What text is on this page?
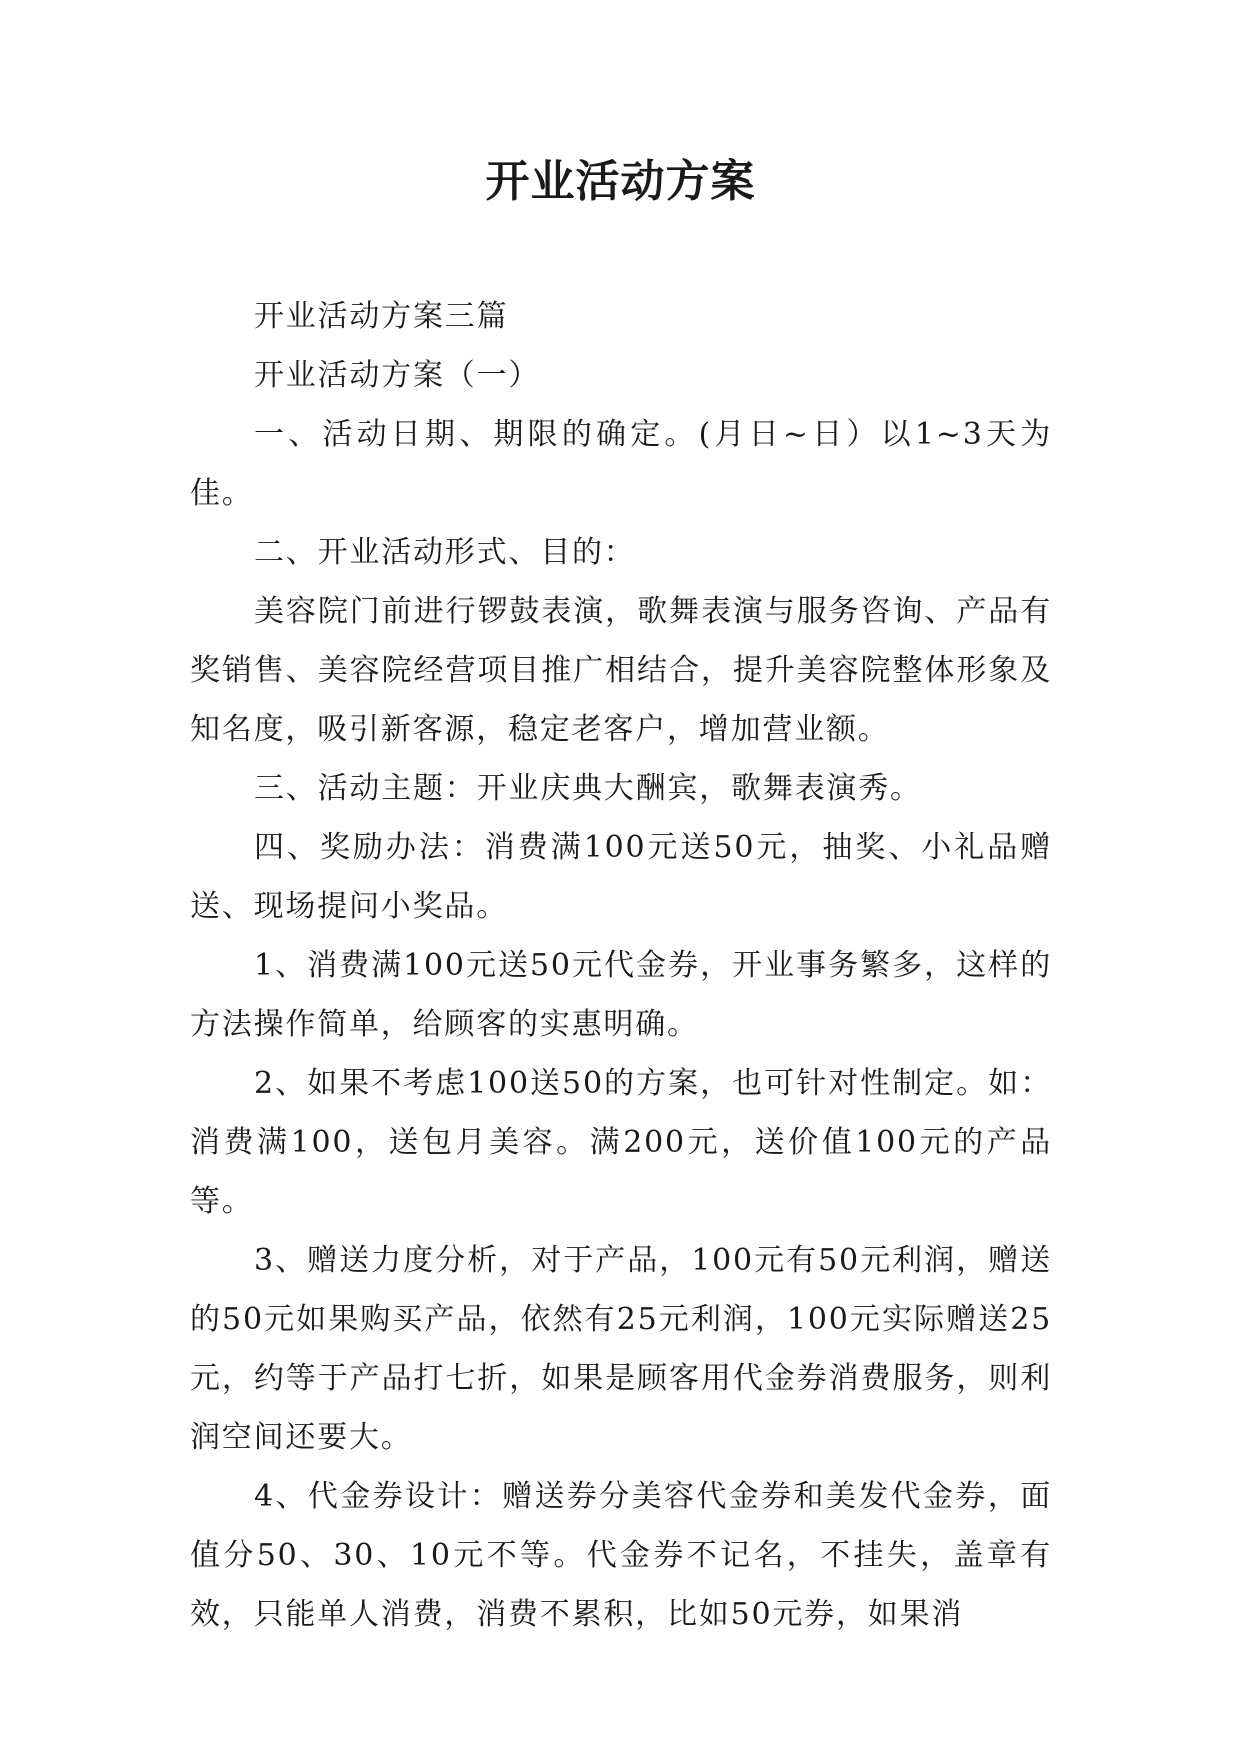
开业活动方案

开业活动方案三篇

开业活动方案（一）

一、活动日期、期限的确定。(月日~日）以1~3天为佳。

二、开业活动形式、目的：

美容院门前进行锣鼓表演，歌舞表演与服务咨询、产品有奖销售、美容院经营项目推广相结合，提升美容院整体形象及知名度，吸引新客源，稳定老客户，增加营业额。

三、活动主题：开业庆典大酬宾，歌舞表演秀。

四、奖励办法：消费满100元送50元，抽奖、小礼品赠送、现场提问小奖品。

1、消费满100元送50元代金券，开业事务繁多，这样的方法操作简单，给顾客的实惠明确。

2、如果不考虑100送50的方案，也可针对性制定。如：消费满100，送包月美容。满200元，送价值100元的产品等。

3、赠送力度分析，对于产品，100元有50元利润，赠送的50元如果购买产品，依然有25元利润，100元实际赠送25元，约等于产品打七折，如果是顾客用代金券消费服务，则利润空间还要大。

4、代金券设计：赠送券分美容代金券和美发代金券，面值分50、30、10元不等。代金券不记名，不挂失，盖章有效，只能单人消费，消费不累积，比如50元券，如果消
